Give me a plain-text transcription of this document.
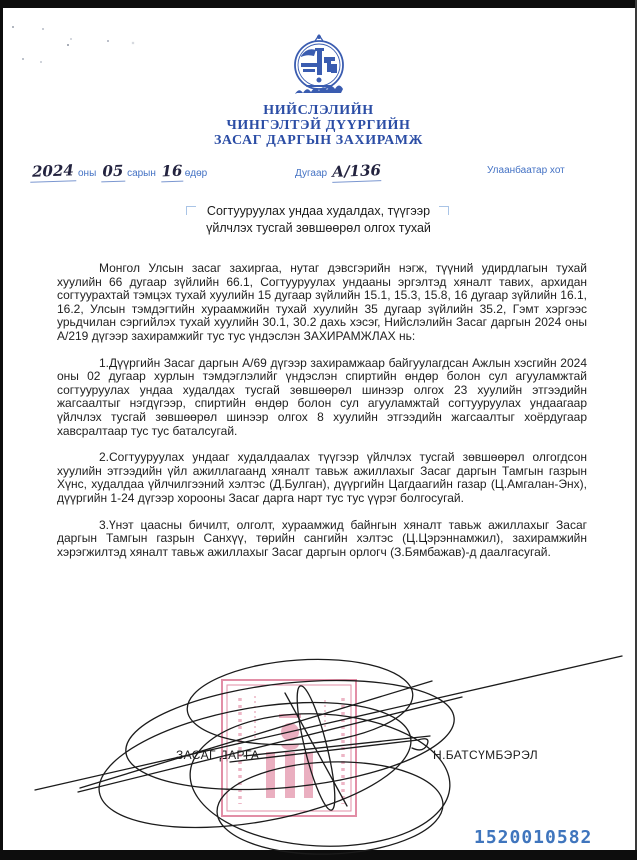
НИЙСЛЭЛИЙН
ЧИНГЭЛТЭЙ ДҮҮРГИЙН
ЗАСАГ ДАРГЫН ЗАХИРАМЖ
2024 оны 05 сарын 16 өдөр	Дугаар А/136	Улаанбаатар хот
Согтууруулах ундаа худалдах, түүгээр
үйлчлэх тусгай зөвшөөрөл олгох тухай

Монгол Улсын засаг захиргаа, нутаг дэвсгэрийн нэгж, түүний удирдлагын тухай хуулийн 66 дугаар зүйлийн 66.1, Согтууруулах ундааны эргэлтэд хяналт тавих, архидан согтуурахтай тэмцэх тухай хуулийн 15 дугаар зүйлийн 15.1, 15.3, 15.8, 16 дугаар зүйлийн 16.1, 16.2, Улсын тэмдэгтийн хураамжийн тухай хуулийн 35 дугаар зүйлийн 35.2, Гэмт хэргээс урьдчилан сэргийлэх тухай хуулийн 30.1, 30.2 дахь хэсэг, Нийслэлийн Засаг даргын 2024 оны А/219 дүгээр захирамжийг тус тус үндэслэн ЗАХИРАМЖЛАХ нь:

1.Дүүргийн Засаг даргын А/69 дүгээр захирамжаар байгуулагдсан Ажлын хэсгийн 2024 оны 02 дугаар хурлын тэмдэглэлийг үндэслэн спиртийн өндөр болон сул агууламжтай согтууруулах ундаа худалдах тусгай зөвшөөрөл шинээр олгох 23 хуулийн этгээдийн жагсаалтыг нэгдүгээр, спиртийн өндөр болон сул агууламжтай согтууруулах ундаагаар үйлчлэх тусгай зөвшөөрөл шинээр олгох 8 хуулийн этгээдийн жагсаалтыг хоёрдугаар хавсралтаар тус тус баталсугай.

2.Согтууруулах ундааг худалдаалах түүгээр үйлчлэх тусгай зөвшөөрөл олгогдсон хуулийн этгээдийн үйл ажиллагаанд хяналт тавьж ажиллахыг Засаг даргын Тамгын газрын Хүнс, худалдаа үйлчилгээний хэлтэс (Д.Булган), дүүргийн Цагдаагийн газар (Ц.Амгалан-Энх), дүүргийн 1-24 дүгээр хорооны Засаг дарга нарт тус тус үүрэг болгосугай.

3.Үнэт цаасны бичилт, олголт, хураамжид байнгын хяналт тавьж ажиллахыг Засаг даргын Тамгын газрын Санхүү, төрийн сангийн хэлтэс (Ц.Цэрэннамжил), захирамжийн хэрэгжилтэд хяналт тавьж ажиллахыг Засаг даргын орлогч (З.Бямбажав)-д даалгасугай.

ЗАСАГ ДАРГА	Н.БАТСҮМБЭРЭЛ
1520010582
